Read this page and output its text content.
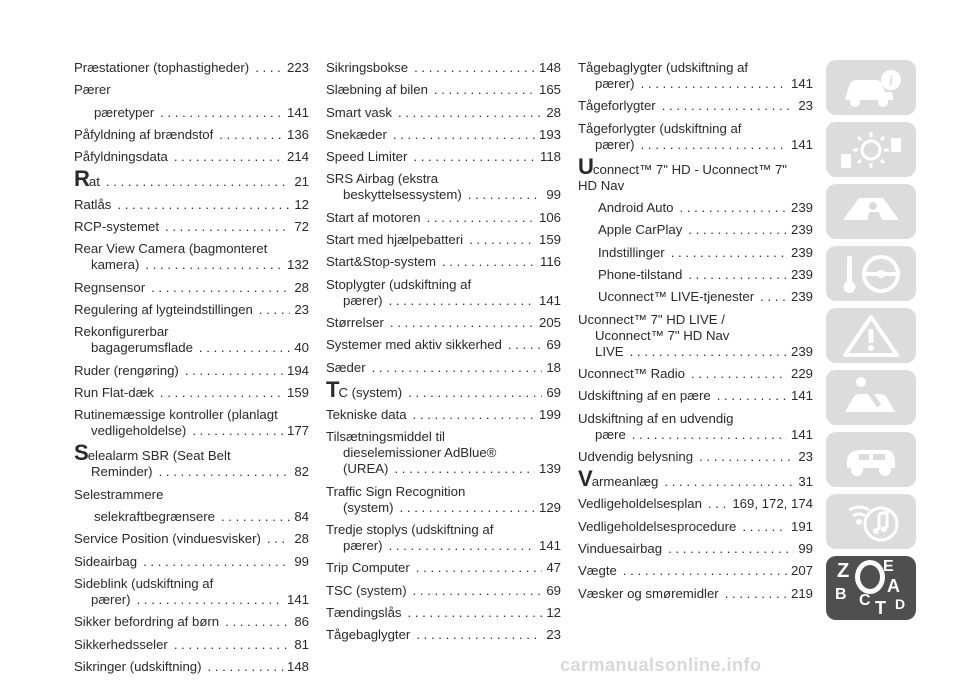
Præstationer (tophastigheder) . . .	223
Pærer
pæretyper . . .	141
Påfyldning af brændstof . . .	136
Påfyldningsdata . . .	214
R at . . .	21
Ratlås . . .	12
RCP-systemet . . .	72
Rear View Camera (bagmonteret
kamera) . . .	132
Regnsensor . . .	28
Regulering af lygteindstillingen . . .	23
Rekonfigurerbar
bagagerumsflade . . .	40
Ruder (rengøring) . . .	194
Run Flat-dæk . . .	159
Rutinemæssige kontroller (planlagt
vedligeholdelse) . . .	177
S elealarm SBR (Seat Belt
Reminder) . . .	82
Selestrammere
selekraftbegrænsere . . .	84
Service Position (vinduesvisker) . . .	28
Sideairbag . . .	99
Sideblink (udskiftning af
pærer) . . .	141
Sikker befordring af børn . . .	86
Sikkerhedsseler . . .	81
Sikringer (udskiftning) . . .	148
Sikringsbokse . . .	148
Slæbning af bilen . . .	165
Smart vask . . .	28
Snekæder . . .	193
Speed Limiter . . .	118
SRS Airbag (ekstra
beskyttelsessystem) . . .	99
Start af motoren . . .	106
Start med hjælpebatteri . . .	159
Start&Stop-system . . .	116
Stoplygter (udskiftning af
pærer) . . .	141
Størrelser . . .	205
Systemer med aktiv sikkerhed . . .	69
Sæder . . .	18
T C (system) . . .	69
Tekniske data . . .	199
Tilsætningsmiddel til
dieselemissioner AdBlue®
(UREA) . . .	139
Traffic Sign Recognition
(system) . . .	129
Tredje stoplys (udskiftning af
pærer) . . .	141
Trip Computer . . .	47
TSC (system) . . .	69
Tændingslås . . .	12
Tågebaglygter . . .	23
Tågebaglygter (udskiftning af
pærer) . . .	141
Tågeforlygter . . .	23
Tågeforlygter (udskiftning af
pærer) . . .	141
U connect™ 7" HD - Uconnect™ 7"
HD Nav
Android Auto . . .	239
Apple CarPlay . . .	239
Indstillinger . . .	239
Phone-tilstand . . .	239
Uconnect™ LIVE-tjenester . . .	239
Uconnect™ 7" HD LIVE /
Uconnect™ 7" HD Nav
LIVE . . .	239
Uconnect™ Radio . . .	229
Udskiftning af en pære . . .	141
Udskiftning af en udvendig
pære . . .	141
Udvendig belysning . . .	23
V armeanlæg . . .	31
Vedligeholdelsesplan . . . 169, 172, 174
Vedligeholdelsesprocedure . . .	191
Vinduesairbag . . .	99
Vægte . . .	207
Væsker og smøremidler . . .	219
i
Z E
B A
C D
T
carmanualsonline.info
